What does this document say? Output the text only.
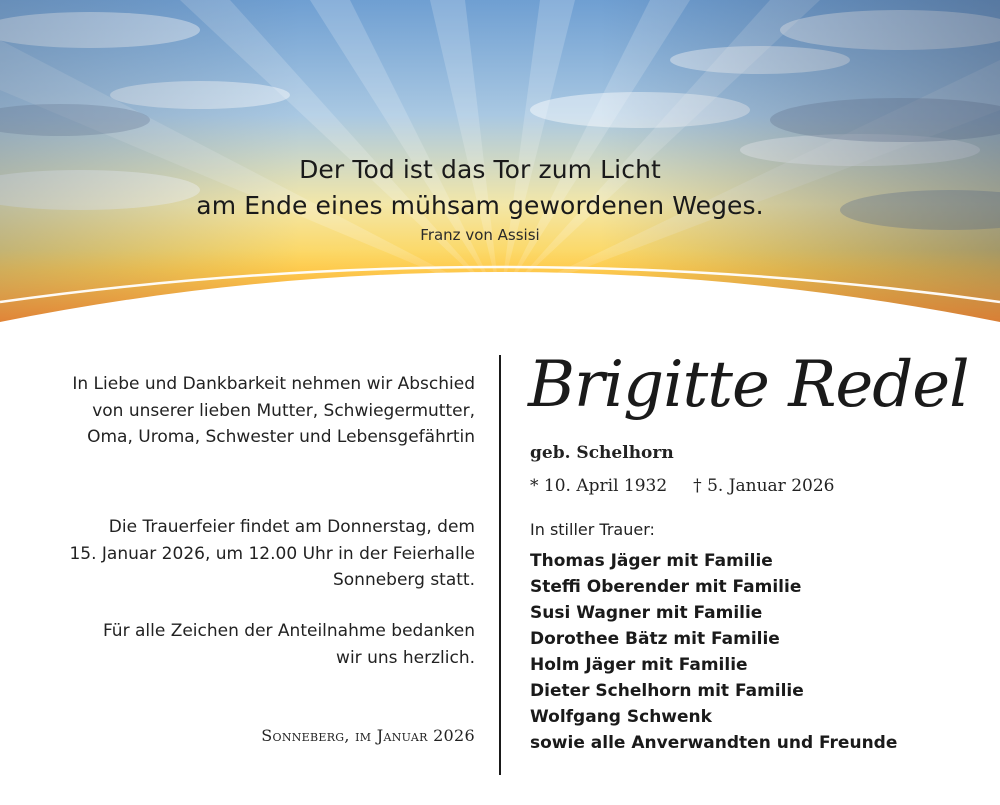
Der Tod ist das Tor zum Licht
am Ende eines mühsam gewordenen Weges.
Franz von Assisi

In Liebe und Dankbarkeit nehmen wir Abschied

von unserer lieben Mutter, Schwiegermutter,

Oma, Uroma, Schwester und Lebensgefährtin

Die Trauerfeier findet am Donnerstag, dem

15. Januar 2026, um 12.00 Uhr in der Feierhalle

Sonneberg statt.

Für alle Zeichen der Anteilnahme bedanken

wir uns herzlich.

Sonneberg, im Januar 2026
Brigitte Redel
geb. Schelhorn
* 10. April 1932 † 5. Januar 2026
In stiller Trauer:
Thomas Jäger mit Familie
Steffi Oberender mit Familie
Susi Wagner mit Familie
Dorothee Bätz mit Familie
Holm Jäger mit Familie
Dieter Schelhorn mit Familie
Wolfgang Schwenk
sowie alle Anverwandten und Freunde
